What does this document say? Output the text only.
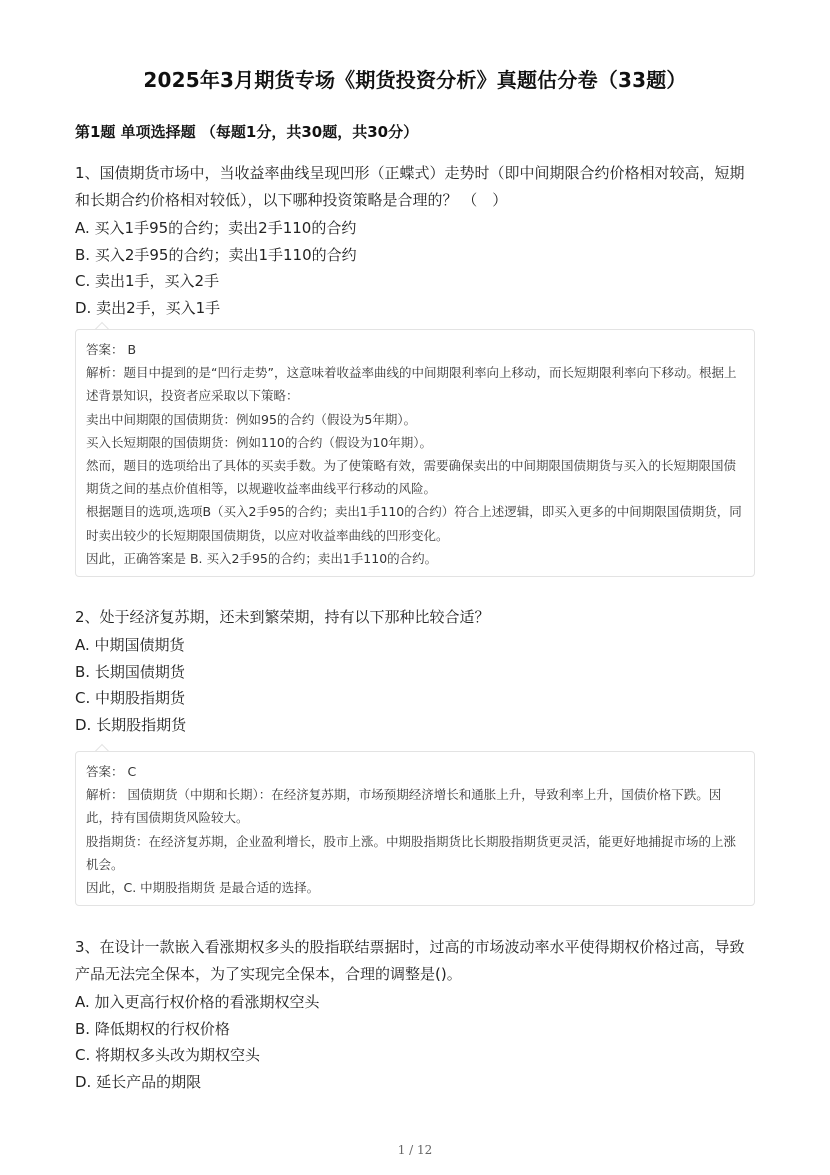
2025年3月期货专场《期货投资分析》真题估分卷（33题）
第1题 单项选择题 （每题1分，共30题，共30分）

1、国债期货市场中，当收益率曲线呈现凹形（正蝶式）走势时（即中间期限合约价格相对较高，短期和长期合约价格相对较低），以下哪种投资策略是合理的？ （　）

A. 买入1手95的合约；卖出2手110的合约

B. 买入2手95的合约；卖出1手110的合约

C. 卖出1手，买入2手

D. 卖出2手，买入1手

答案： B

解析：题目中提到的是“凹行走势”，这意味着收益率曲线的中间期限利率向上移动，而长短期限利率向下移动。根据上述背景知识，投资者应采取以下策略：

卖出中间期限的国债期货：例如95的合约（假设为5年期）。

买入长短期限的国债期货：例如110的合约（假设为10年期）。

然而，题目的选项给出了具体的买卖手数。为了使策略有效，需要确保卖出的中间期限国债期货与买入的长短期限国债期货之间的基点价值相等，以规避收益率曲线平行移动的风险。

根据题目的选项,选项B（买入2手95的合约；卖出1手110的合约）符合上述逻辑，即买入更多的中间期限国债期货，同时卖出较少的长短期限国债期货，以应对收益率曲线的凹形变化。

因此，正确答案是 B. 买入2手95的合约；卖出1手110的合约。

2、处于经济复苏期，还未到繁荣期，持有以下那种比较合适？

A. 中期国债期货

B. 长期国债期货

C. 中期股指期货

D. 长期股指期货

答案： C

解析： 国债期货（中期和长期）：在经济复苏期，市场预期经济增长和通胀上升，导致利率上升，国债价格下跌。因此，持有国债期货风险较大。

股指期货：在经济复苏期，企业盈利增长，股市上涨。中期股指期货比长期股指期货更灵活，能更好地捕捉市场的上涨机会。

因此，C. 中期股指期货 是最合适的选择。

3、在设计一款嵌入看涨期权多头的股指联结票据时，过高的市场波动率水平使得期权价格过高，导致产品无法完全保本，为了实现完全保本，合理的调整是()。

A. 加入更高行权价格的看涨期权空头

B. 降低期权的行权价格

C. 将期权多头改为期权空头

D. 延长产品的期限

1 / 12
